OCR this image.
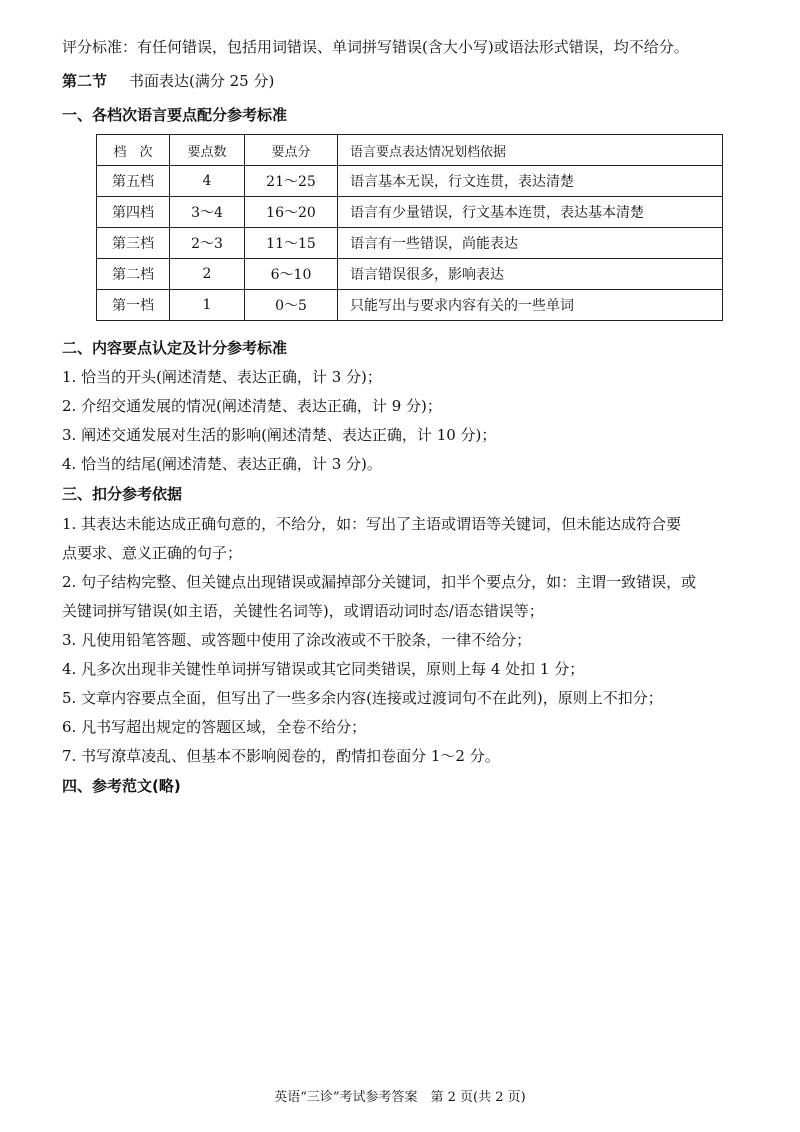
评分标准：有任何错误，包括用词错误、单词拼写错误(含大小写)或语法形式错误，均不给分。
第二节 书面表达(满分 25 分)
一、各档次语言要点配分参考标准
档　次	要点数	要点分	语言要点表达情况划档依据
第五档	4	21～25	语言基本无误，行文连贯，表达清楚
第四档	3～4	16～20	语言有少量错误，行文基本连贯，表达基本清楚
第三档	2～3	11～15	语言有一些错误，尚能表达
第二档	2	6～10	语言错误很多，影响表达
第一档	1	0～5	只能写出与要求内容有关的一些单词
二、内容要点认定及计分参考标准
1. 恰当的开头(阐述清楚、表达正确，计 3 分)；
2. 介绍交通发展的情况(阐述清楚、表达正确，计 9 分)；
3. 阐述交通发展对生活的影响(阐述清楚、表达正确，计 10 分)；
4. 恰当的结尾(阐述清楚、表达正确，计 3 分)。
三、扣分参考依据
1. 其表达未能达成正确句意的，不给分，如：写出了主语或谓语等关键词，但未能达成符合要
点要求、意义正确的句子；
2. 句子结构完整、但关键点出现错误或漏掉部分关键词，扣半个要点分，如：主谓一致错误，或
关键词拼写错误(如主语，关键性名词等)，或谓语动词时态/语态错误等；
3. 凡使用铅笔答题、或答题中使用了涂改液或不干胶条，一律不给分；
4. 凡多次出现非关键性单词拼写错误或其它同类错误，原则上每 4 处扣 1 分；
5. 文章内容要点全面，但写出了一些多余内容(连接或过渡词句不在此列)，原则上不扣分；
6. 凡书写超出规定的答题区域，全卷不给分；
7. 书写潦草凌乱、但基本不影响阅卷的，酌情扣卷面分 1～2 分。
四、参考范文(略)
英语“三诊”考试参考答案　第 2 页(共 2 页)
